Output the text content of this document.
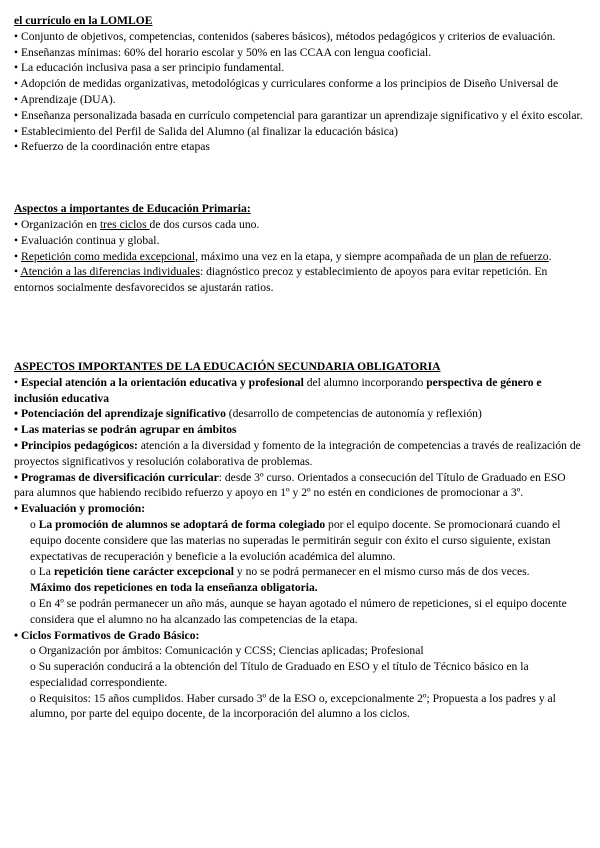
el currículo en la LOMLOE

• Conjunto de objetivos, competencias, contenidos (saberes básicos), métodos pedagógicos y criterios de evaluación.

• Enseñanzas mínimas: 60% del horario escolar y 50% en las CCAA con lengua cooficial.

• La educación inclusiva pasa a ser principio fundamental.

• Adopción de medidas organizativas, metodológicas y curriculares conforme a los principios de Diseño Universal de

• Aprendizaje (DUA).

• Enseñanza personalizada basada en currículo competencial para garantizar un aprendizaje significativo y el éxito escolar.

• Establecimiento del Perfil de Salida del Alumno (al finalizar la educación básica)

• Refuerzo de la coordinación entre etapas

Aspectos a importantes de Educación Primaria:

• Organización en tres ciclos de dos cursos cada uno.

• Evaluación continua y global.

• Repetición como medida excepcional, máximo una vez en la etapa, y siempre acompañada de un plan de refuerzo.

• Atención a las diferencias individuales: diagnóstico precoz y establecimiento de apoyos para evitar repetición. En entornos socialmente desfavorecidos se ajustarán ratios.

ASPECTOS IMPORTANTES DE LA EDUCACIÓN SECUNDARIA OBLIGATORIA

• Especial atención a la orientación educativa y profesional del alumno incorporando perspectiva de género e inclusión educativa

• Potenciación del aprendizaje significativo (desarrollo de competencias de autonomía y reflexión)

• Las materias se podrán agrupar en ámbitos

• Principios pedagógicos: atención a la diversidad y fomento de la integración de competencias a través de realización de proyectos significativos y resolución colaborativa de problemas.

• Programas de diversificación curricular: desde 3º curso. Orientados a consecución del Título de Graduado en ESO para alumnos que habiendo recibido refuerzo y apoyo en 1º y 2º no estén en condiciones de promocionar a 3º.

• Evaluación y promoción:

o La promoción de alumnos se adoptará de forma colegiado por el equipo docente. Se promocionará cuando el equipo docente considere que las materias no superadas le permitirán seguir con éxito el curso siguiente, existan expectativas de recuperación y beneficie a la evolución académica del alumno.

o La repetición tiene carácter excepcional y no se podrá permanecer en el mismo curso más de dos veces.

Máximo dos repeticiones en toda la enseñanza obligatoria.

o En 4º se podrán permanecer un año más, aunque se hayan agotado el número de repeticiones, si el equipo docente considera que el alumno no ha alcanzado las competencias de la etapa.

• Ciclos Formativos de Grado Básico:

o Organización por ámbitos: Comunicación y CCSS; Ciencias aplicadas; Profesional

o Su superación conducirá a la obtención del Título de Graduado en ESO y el título de Técnico básico en la especialidad correspondiente.

o Requisitos: 15 años cumplidos. Haber cursado 3º de la ESO o, excepcionalmente 2º; Propuesta a los padres y al alumno, por parte del equipo docente, de la incorporación del alumno a los ciclos.
